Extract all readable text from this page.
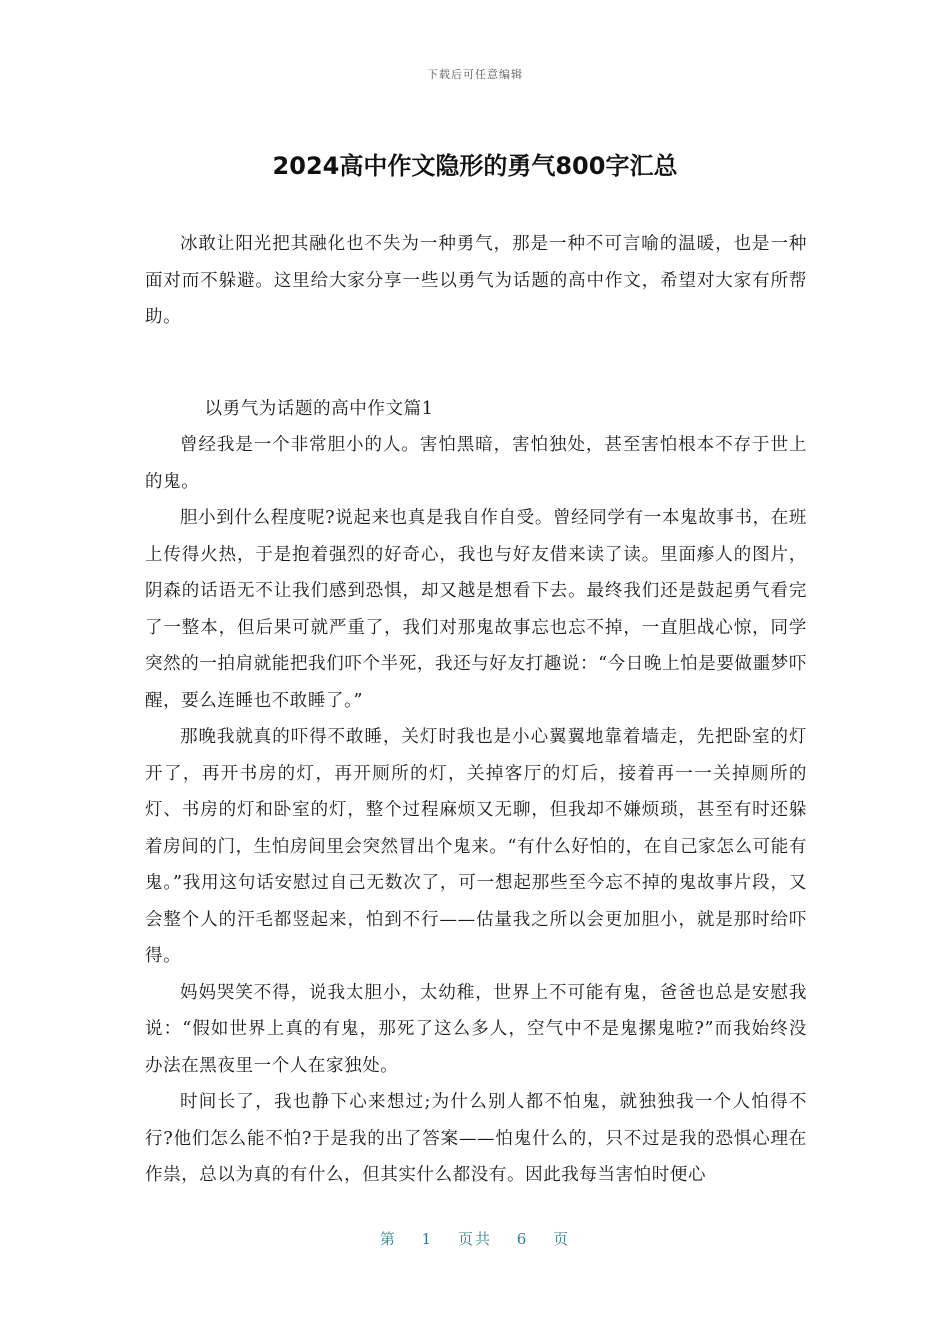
下载后可任意编辑
2024高中作文隐形的勇气800字汇总

冰敢让阳光把其融化也不失为一种勇气，那是一种不可言喻的温暖，也是一种面对而不躲避。这里给大家分享一些以勇气为话题的高中作文，希望对大家有所帮助。

以勇气为话题的高中作文篇1

曾经我是一个非常胆小的人。害怕黑暗，害怕独处，甚至害怕根本不存于世上的鬼。

胆小到什么程度呢?说起来也真是我自作自受。曾经同学有一本鬼故事书，在班上传得火热，于是抱着强烈的好奇心，我也与好友借来读了读。里面瘆人的图片，阴森的话语无不让我们感到恐惧，却又越是想看下去。最终我们还是鼓起勇气看完了一整本，但后果可就严重了，我们对那鬼故事忘也忘不掉，一直胆战心惊，同学突然的一拍肩就能把我们吓个半死，我还与好友打趣说：“今日晚上怕是要做噩梦吓醒，要么连睡也不敢睡了。”

那晚我就真的吓得不敢睡，关灯时我也是小心翼翼地靠着墙走，先把卧室的灯开了，再开书房的灯，再开厕所的灯，关掉客厅的灯后，接着再一一关掉厕所的灯、书房的灯和卧室的灯，整个过程麻烦又无聊，但我却不嫌烦琐，甚至有时还躲着房间的门，生怕房间里会突然冒出个鬼来。“有什么好怕的，在自己家怎么可能有鬼。”我用这句话安慰过自己无数次了，可一想起那些至今忘不掉的鬼故事片段，又会整个人的汗毛都竖起来，怕到不行——估量我之所以会更加胆小，就是那时给吓得。

妈妈哭笑不得，说我太胆小，太幼稚，世界上不可能有鬼，爸爸也总是安慰我说：“假如世界上真的有鬼，那死了这么多人，空气中不是鬼摞鬼啦?”而我始终没办法在黑夜里一个人在家独处。

时间长了，我也静下心来想过;为什么别人都不怕鬼，就独独我一个人怕得不行?他们怎么能不怕?于是我的出了答案——怕鬼什么的，只不过是我的恐惧心理在作祟，总以为真的有什么，但其实什么都没有。因此我每当害怕时便心

第 1 页共 6 页
